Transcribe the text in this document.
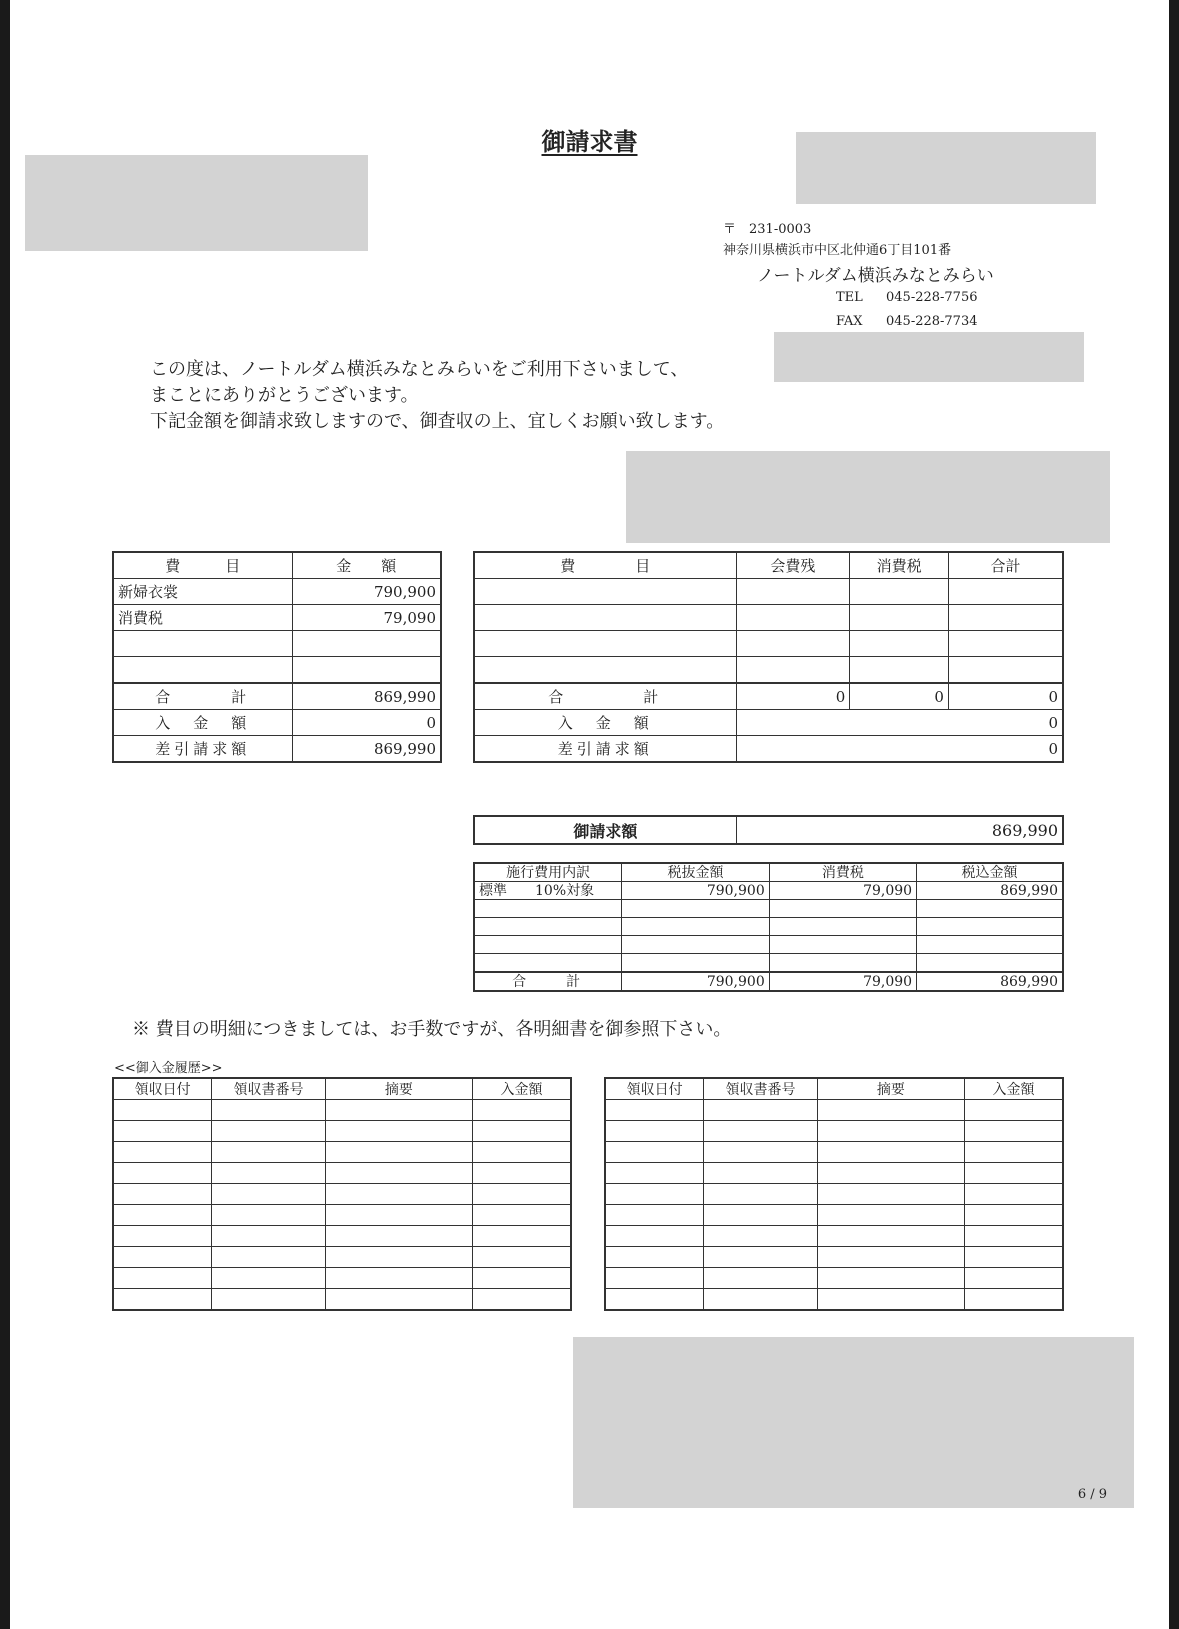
御請求書
〒　231-0003
神奈川県横浜市中区北仲通6丁目101番
ノートルダム横浜みなとみらい
TEL 045-228-7756
FAX 045-228-7734
この度は、ノートルダム横浜みなとみらいをご利用下さいまして、
まことにありがとうございます。
下記金額を御請求致しますので、御査収の上、宜しくお願い致します。
費　　　目	金　　額
新婦衣裳	790,900
消費税	79,090

合　　　計	869,990
入　金　額	0
差引請求額	869,990
費　　　　目	会費残	消費税	合計

合　　　　計	0	0	0
入　金　額	0		
差引請求額	0		
御請求額	869,990
施行費用内訳	税抜金額	消費税	税込金額
標準　　10%対象	790,900	79,090	869,990

合　　計	790,900	79,090	869,990
※ 費目の明細につきましては、お手数ですが、各明細書を御参照下さい。
<<御入金履歴>>
領収日付	領収書番号	摘要	入金額

				領収日付	領収書番号	摘要	入金額

6 / 9
